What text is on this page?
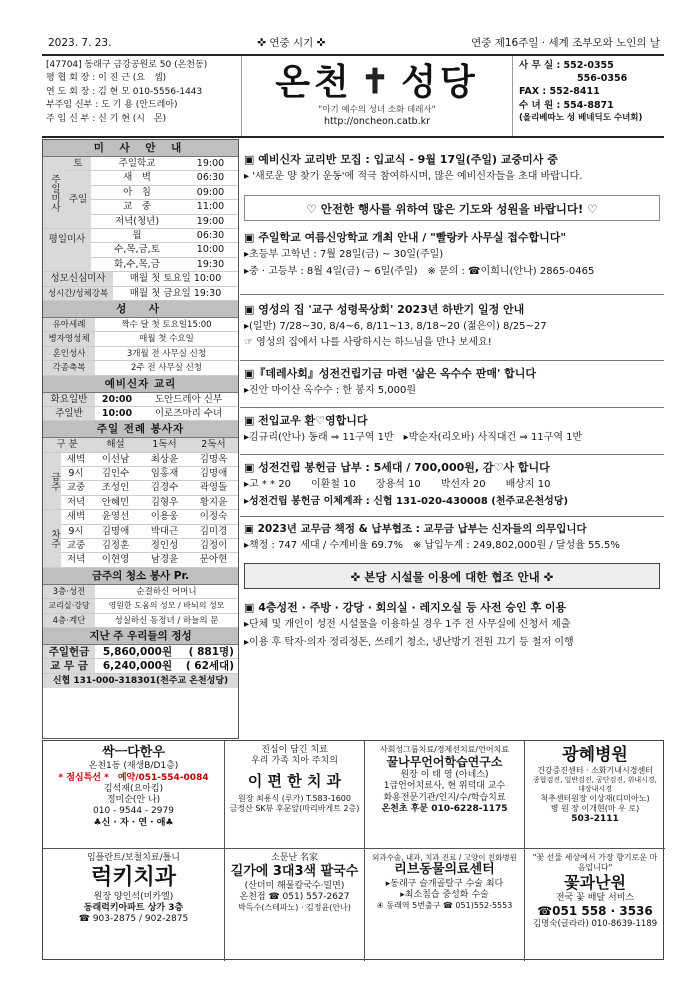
2023. 7. 23.	✜ 연중 시기 ✜	연중 제16주일 · 세계 조부모와 노인의 날
[47704] 동래구 금강공원로 50 (온천동)
평 협 회 장 : 이 진 근 (요　셉)
연 도 회 장 : 김 현 모 010-5556-1443
부주임 신부 : 도 기 용 (안드레아)
주 임 신 부 : 신 기 현 (시　몬)
온천 ✝ 성당
"아기 예수의 성녀 소화 데레사"
http://oncheon.catb.kr
사 무 실 : 552-0355
556-0356
FAX : 552-8411
수 녀 원 : 554-8871
(올리베따노 성 베네딕도 수녀회)
미 사 안 내
주일미사
토	주일학교	19:00
주일
새　벽	06:30
아　침	09:00
교　중	11:00
저녁(청년)	19:00
평일미사	월	06:30
수,목,금,토	10:00
화,수,목,금	19:30
성모신심미사	매월 첫 토요일 10:00
성시간/성체강복	매월 첫 금요일 19:30
성　사
유아세례	짝수 달 첫 토요일15:00
병자영성체	매월 첫 수요일
혼인성사	3개월 전 사무실 신청
각종축복	2주 전 사무실 신청
예비신자 교리
화요일반	20:00	도안드레아 신부
주일반	10:00	이로즈마리 수녀
주일 전례 봉사자
구 분	해설	1독서	2독서
금주
새벽	이선남	최상윤	김명옥
9시	김인수	임홍재	김명애
교중	조성인	김경수	곽영돌
저녁	안혜민	김형우	황지윤
차주
새벽	윤영선	이용웅	이정숙
9시	김명애	박대근	김미경
교중	김정훈	정인성	김정이
저녁	이현영	남경윤	문아현
금주의 청소 봉사 Pr.
3층·성전	순결하신 어머니
교리실·강당	영원한 도움의 성모 / 바뇌의 성모
4층·계단	성실하신 동정녀 / 하늘의 문
지난 주 우리들의 정성
주일헌금	5,860,000원	( 881명)
교 무 금	6,240,000원	( 62세대)
신협 131-000-318301(천주교 온천성당)
▣ 예비신자 교리반 모집 : 입교식 - 9월 17일(주일) 교중미사 중
▸ '새로운 양 찾기 운동'에 적극 참여하시며, 많은 예비신자들을 초대 바랍니다.
♡ 안전한 행사를 위하여 많은 기도와 성원을 바랍니다! ♡
▣ 주일학교 여름신앙학교 개최 안내 / "빨랑카 사무실 접수합니다"
▸초등부 고학년 : 7월 28일(금) ~ 30일(주일)
▸중 · 고등부 : 8월 4일(금) ~ 6일(주일)　※ 문의 : ☎이희니(안나) 2865-0465
▣ 영성의 집 '교구 성령묵상회' 2023년 하반기 일정 안내
▸(일반) 7/28~30, 8/4~6, 8/11~13, 8/18~20 (젊은이) 8/25~27
☞ 영성의 집에서 나를 사랑하시는 하느님을 만나 보세요!
▣『데레사회』성전건립기금 마련 '삶은 옥수수 판매' 합니다
▸진안 마이산 옥수수 : 한 봉지 5,000원
▣ 전입교우 환♡영합니다
▸김규리(안나) 동래 ⇒ 11구역 1반　▸박순자(리오바) 사직대건 ⇒ 11구역 1반
▣ 성전건립 봉헌금 납부 : 5세대 / 700,000원, 감♡사 합니다
▸고 * * 20　　이환철 10　　장용석 10　　박선자 20　　배상지 10
▸성전건립 봉헌금 이체계좌 : 신협 131-020-430008 (천주교온천성당)
▣ 2023년 교무금 책정 & 납부협조 : 교무금 납부는 신자들의 의무입니다
▸책정 : 747 세대 / 수계비율 69.7%　※ 납입누계 : 249,802,000원 / 달성율 55.5%
✜ 본당 시설물 이용에 대한 협조 안내 ✜
▣ 4층성전 · 주방 · 강당 · 회의실 · 레지오실 등 사전 승인 후 이용
▸단체 및 개인이 성전 시설물을 이용하실 경우 1주 전 사무실에 신청서 제출
▸이용 후 탁자·의자 정리정돈, 쓰레기 청소, 냉난방기 전원 끄기 등 철저 이행
싹ㅡ다한우
온천1동 (재생B/D1층)
* 점심특선 *　예약/051-554-0084
김석재(요아킴)
정미순(안 나)
010 - 9544 - 2979
♣신 · 자 · 연 · 애♣
진심이 담긴 치료
우리 가족 치아 주치의
이 편 한 치 과
원장 최용식 (루카) T.583-1600
금정산 SK뷰 후문앞(따리바게트 2층)
사회성그룹치료/경제선치료/언어치료
꿀나무언어학습연구소
원장 이 태 영 (아네스)
1급언어치료사, 현 위덕대 교수
화용전문기관/인지/수/학습치료
온천초 후문 010-6228-1175
광혜병원
건강증진센터 · 소화기내시경센터
종합검진, 일반검진, 공단검진, 위내시경, 대장내시경
척추센터원장 이상재(디미아노)
병 원 장 이개현(마 우 로)
503-2111
임플란트/보철치료/틀니
럭키치과
원장 양인석(미카엘)
동래럭키아파트 상가 3층
☎ 903-2875 / 902-2875
소문난 名家
길가에 3대3색 팥국수
(산더미 해물칼국수·밀면)
온천점 ☎ 051) 557-2627
박득수(스테파노) · 김정윤(안나)
외과수술, 내과, 치과 진료 / 고양이 친화병원
리브동물의료센터
▸동래구 슬개골탈구 수술 최다
▸최소침습 중성화 수술
④ 동래역 5번출구 ☎ 051)552-5553
"꽃 선물 세상에서 가장 향기로운 마음입니다"
꽃과난원
전국 꽃 배달 서비스
☎051 558 · 3536
김명숙(글라라) 010-8639-1189
